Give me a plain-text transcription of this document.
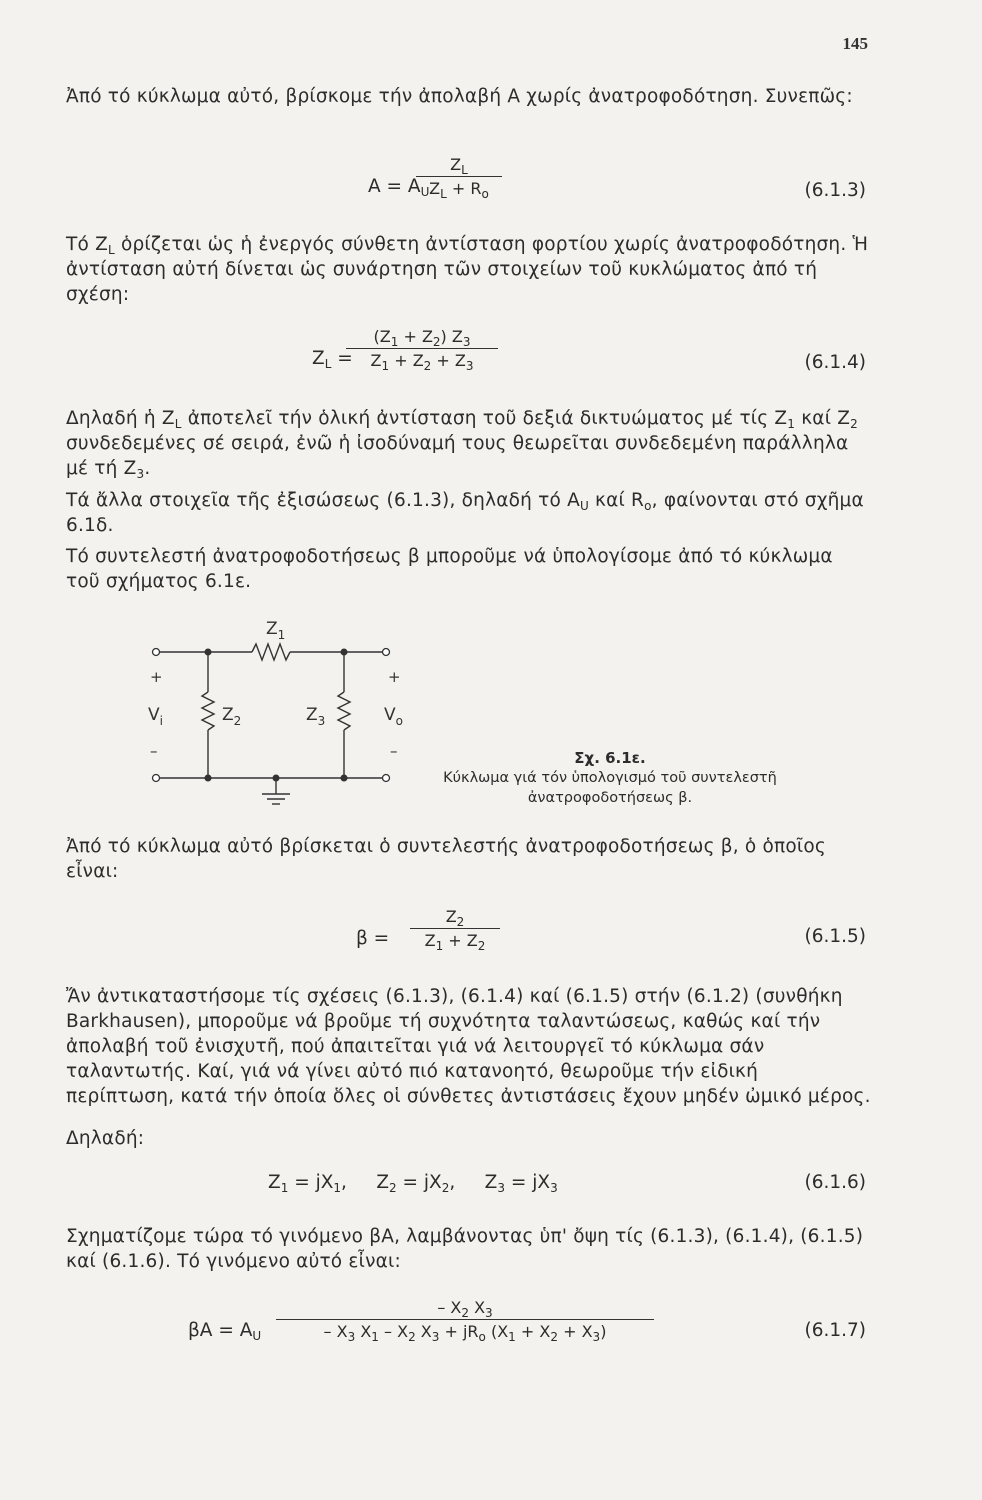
145
Ἀπό τό κύκλωμα αὐτό, βρίσκομε τήν ἀπολαβή Α χωρίς ἀνατροφοδότηση. Συνεπῶς:
$A = A_U$
$Z_L$
$Z_L + R_o$	(6.1.3)
Τό $Z_L$ ὁρίζεται ὡς ἡ ἐνεργός σύνθετη ἀντίσταση φορτίου χωρίς ἀνατροφοδότηση. Ἡ ἀντίσταση αὐτή δίνεται ὡς συνάρτηση τῶν στοιχείων τοῦ κυκλώματος ἀπό τή σχέση:
$Z_L$ =
$(Z_1 + Z_2)$ $Z_3$
$Z_1 + Z_2 + Z_3$	(6.1.4)
Δηλαδή ἡ $Z_L$ ἀποτελεῖ τήν ὁλική ἀντίσταση τοῦ δεξιά δικτυώματος μέ τίς $Z_1$ καί $Z_2$ συνδεδεμένες σέ σειρά, ἐνῶ ἡ ἰσοδύναμή τους θεωρεῖται συνδεδεμένη παράλληλα μέ τή $Z_3$.
Τά ἄλλα στοιχεῖα τῆς ἐξισώσεως (6.1.3), δηλαδή τό $A_U$ καί $R_o$, φαίνονται στό σχῆμα 6.1δ.
Τό συντελεστή ἀνατροφοδοτήσεως β μποροῦμε νά ὑπολογίσομε ἀπό τό κύκλωμα τοῦ σχήματος 6.1ε.
$Z_1$
$Z_2$	$Z_3$
$V_i$	$V_o$
+	+
–	–	Σχ. 6.1ε.
Κύκλωμα γιά τόν ὑπολογισμό τοῦ συντελεστῆ ἀνατροφοδοτήσεως β.
Ἀπό τό κύκλωμα αὐτό βρίσκεται ὁ συντελεστής ἀνατροφοδοτήσεως β, ὁ ὁποῖος εἶναι:
β =
$Z_2$
$Z_1 + Z_2$	(6.1.5)
Ἄν ἀντικαταστήσομε τίς σχέσεις (6.1.3), (6.1.4) καί (6.1.5) στήν (6.1.2) (συνθήκη Barkhausen), μποροῦμε νά βροῦμε τή συχνότητα ταλαντώσεως, καθώς καί τήν ἀπολαβή τοῦ ἐνισχυτῆ, πού ἀπαιτεῖται γιά νά λειτουργεῖ τό κύκλωμα σάν ταλαντωτής. Καί, γιά νά γίνει αὐτό πιό κατανοητό, θεωροῦμε τήν εἰδική περίπτωση, κατά τήν ὁποία ὅλες οἱ σύνθετες ἀντιστάσεις ἔχουν μηδέν ὠμικό μέρος.
Δηλαδή:
$Z_1 = jX_1$,     $Z_2 = jX_2$,     $Z_3 = jX_3$	(6.1.6)
Σχηματίζομε τώρα τό γινόμενο βΑ, λαμβάνοντας ὑπ' ὄψη τίς (6.1.3), (6.1.4), (6.1.5) καί (6.1.6). Τό γινόμενο αὐτό εἶναι:
$\beta A = A_U$
– $X_2$ $X_3$
– $X_3$ $X_1 - X_2$ $X_3 + jR_o$ $(X_1 + X_2 + X_3)$	(6.1.7)
